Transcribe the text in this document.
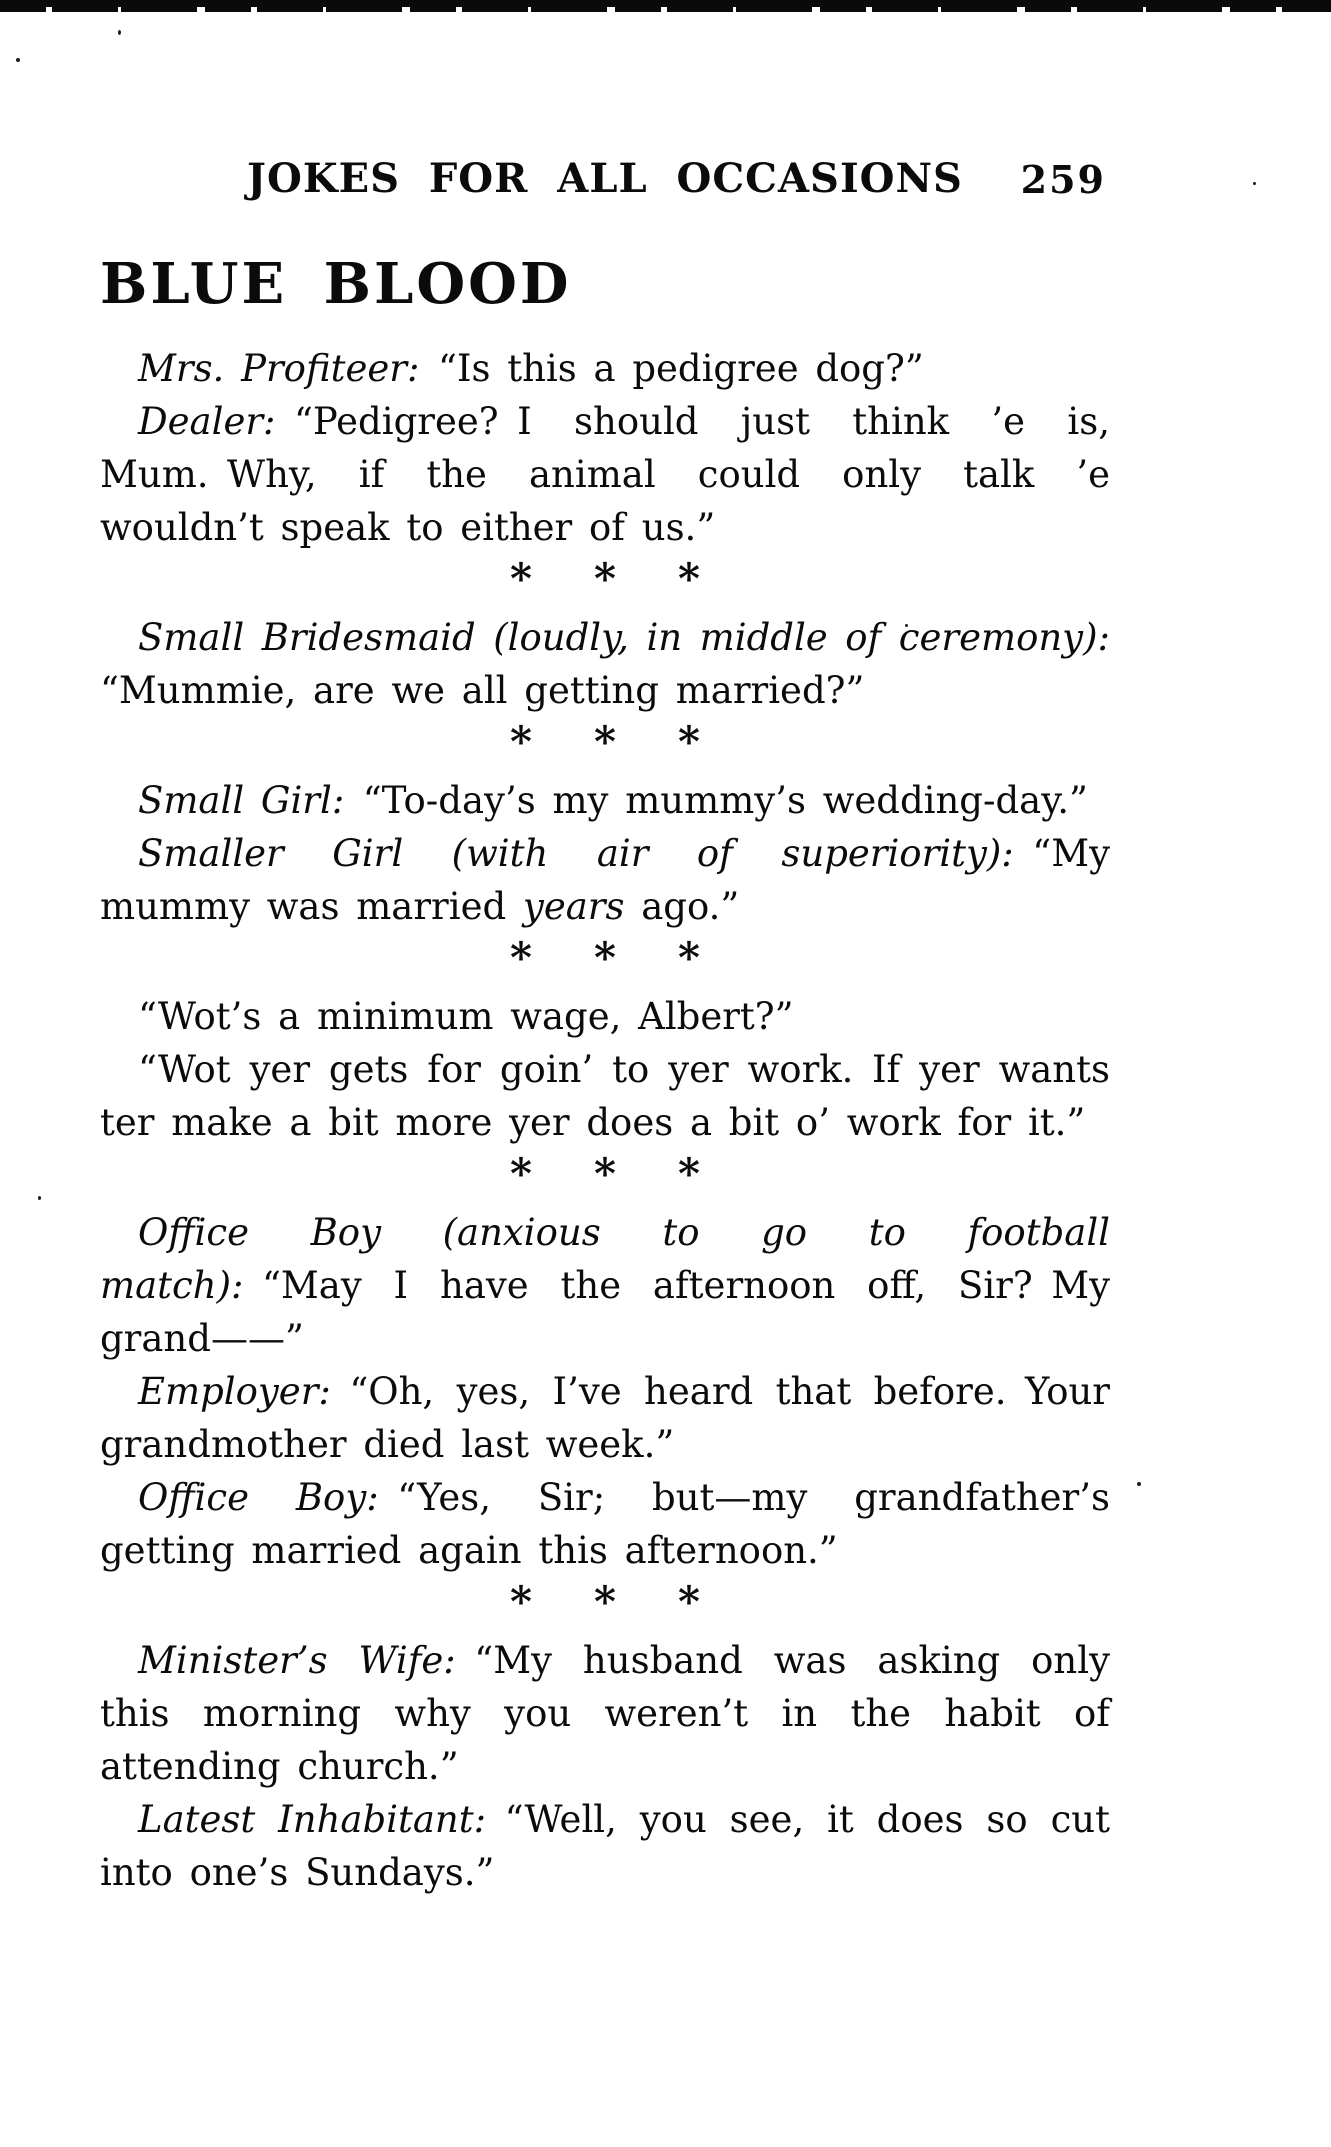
JOKES FOR ALL OCCASIONS 259
BLUE BLOOD

Mrs. Profiteer: “Is this a pedigree dog?”

Dealer: “Pedigree? I should just think ’e is, Mum. Why, if the animal could only talk ’e wouldn’t speak to either of us.”

* * *

Small Bridesmaid (loudly, in middle of ceremony): “Mummie, are we all getting married?”

* * *

Small Girl: “To-day’s my mummy’s wedding-day.”

Smaller Girl (with air of superiority): “My mummy was married years ago.”

* * *

“Wot’s a minimum wage, Albert?”

“Wot yer gets for goin’ to yer work. If yer wants ter make a bit more yer does a bit o’ work for it.”

* * *

Office Boy (anxious to go to football match): “May I have the afternoon off, Sir? My grand——”

Employer: “Oh, yes, I’ve heard that before. Your grandmother died last week.”

Office Boy: “Yes, Sir; but—my grandfather’s getting married again this afternoon.”

* * *

Minister’s Wife: “My husband was asking only this morning why you weren’t in the habit of attending church.”

Latest Inhabitant: “Well, you see, it does so cut into one’s Sundays.”
